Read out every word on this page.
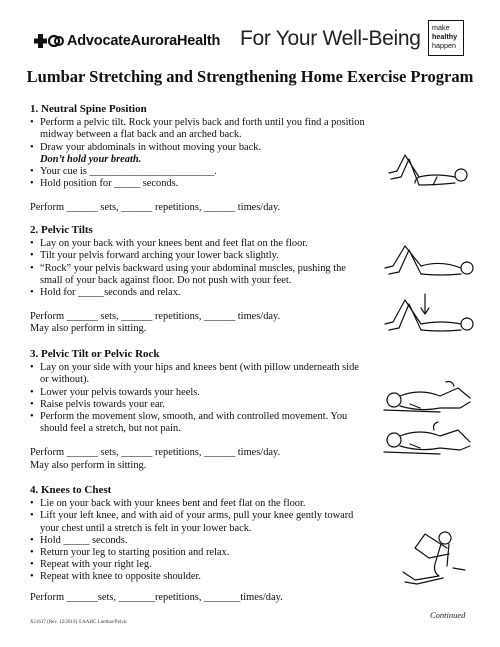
AdvocateAuroraHealth For Your Well-Being make
healthy
happen
Lumbar Stretching and Strengthening Home Exercise Program
1. Neutral Spine Position
• Perform a pelvic tilt. Rock your pelvis back and forth until you find a position midway between a flat back and an arched back.
• Draw your abdominals in without moving your back.
Don’t hold your breath.
• Your cue is ________________________.
• Hold position for _____ seconds.

Perform ______ sets, ______ repetitions, ______ times/day.

2. Pelvic Tilts
• Lay on your back with your knees bent and feet flat on the floor.
• Tilt your pelvis forward arching your lower back slightly.
• “Rock” your pelvis backward using your abdominal muscles, pushing the small of your back against floor. Do not push with your feet.
• Hold for _____seconds and relax.

Perform ______ sets, ______ repetitions, ______ times/day.

May also perform in sitting.

3. Pelvic Tilt or Pelvic Rock
• Lay on your side with your hips and knees bent (with pillow underneath side or without).
• Lower your pelvis towards your heels.
• Raise pelvis towards your ear.
• Perform the movement slow, smooth, and with controlled movement. You should feel a stretch, but not pain.

Perform ______ sets, ______ repetitions, ______ times/day.

May also perform in sitting.

4. Knees to Chest
• Lie on your back with your knees bent and feet flat on the floor.
• Lift your left knee, and with aid of your arms, pull your knee gently toward your chest until a stretch is felt in your lower back.
• Hold _____ seconds.
• Return your leg to starting position and relax.
• Repeat with your right leg.
• Repeat with knee to opposite shoulder.

Perform ______sets, _______repetitions, _______times/day.

Continued
X11617 (Rev. 12/2019) ©AAHC Lumbar/Pelvic
